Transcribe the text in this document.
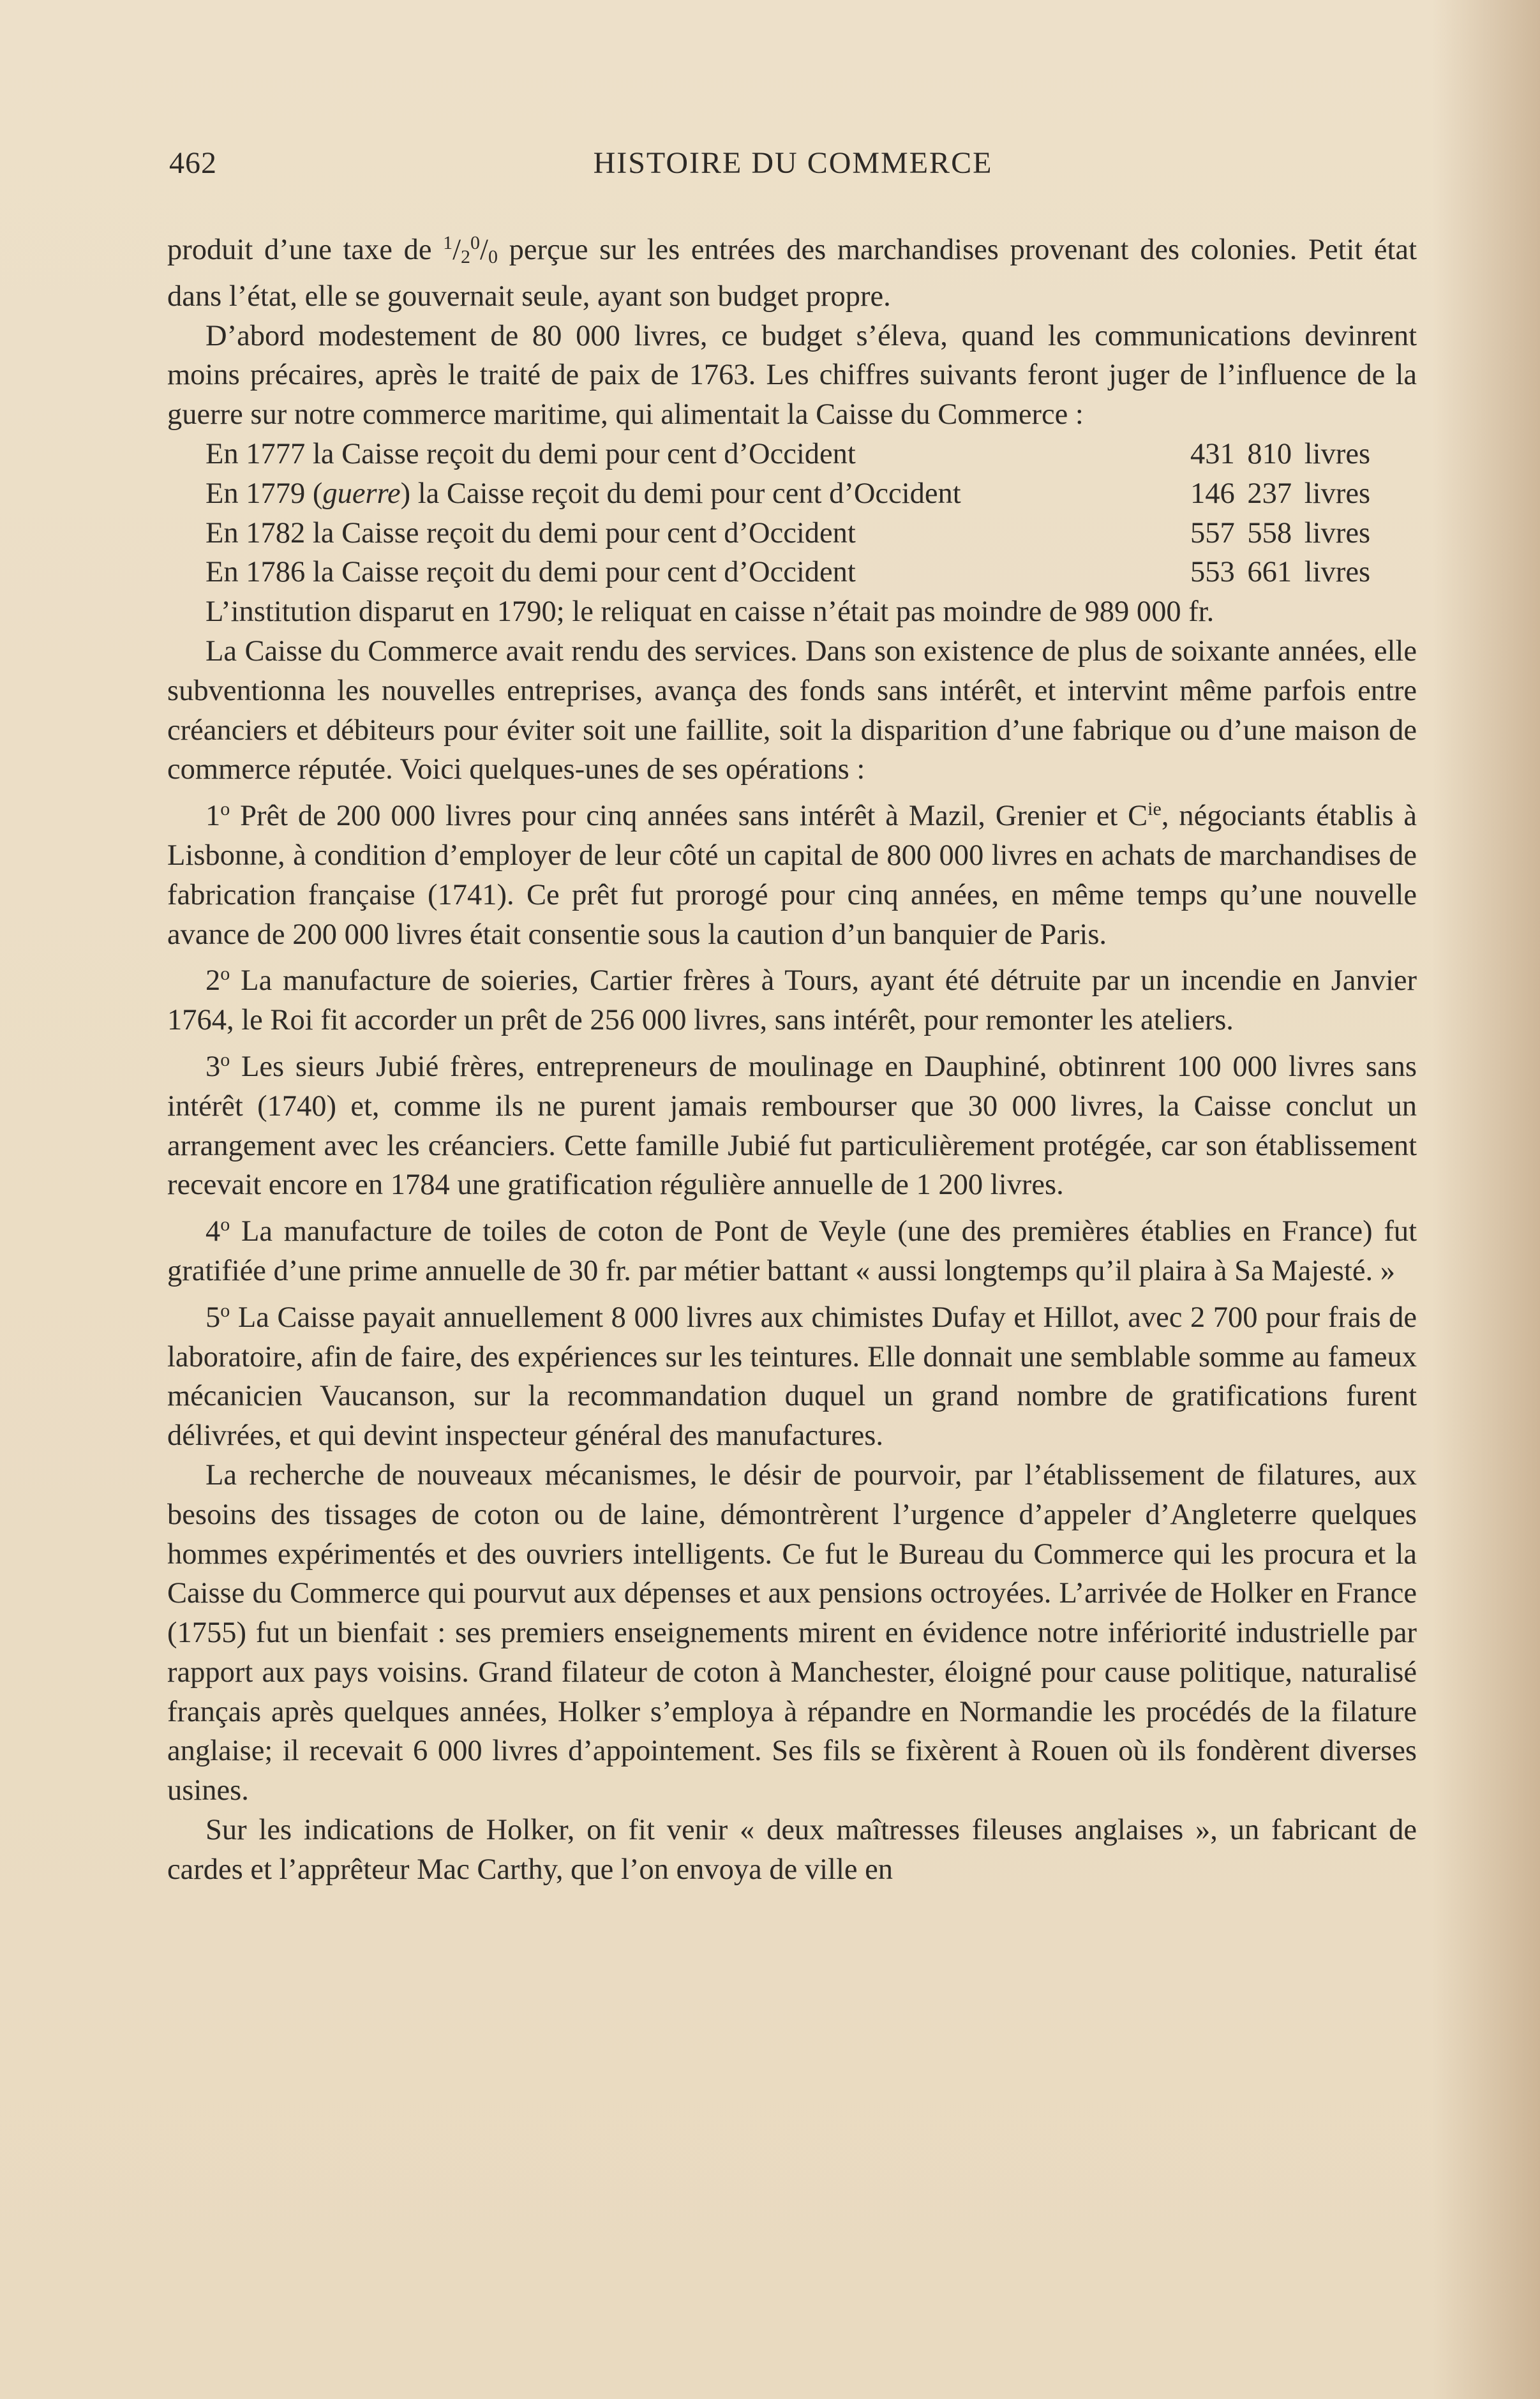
462	HISTOIRE DU COMMERCE

produit d’une taxe de $^1/_2^0/_0$ perçue sur les entrées des marchandises provenant des colonies. Petit état dans l’état, elle se gouvernait seule, ayant son budget propre.

D’abord modestement de 80 000 livres, ce budget s’éleva, quand les communications devinrent moins précaires, après le traité de paix de 1763. Les chiffres suivants feront juger de l’influence de la guerre sur notre commerce maritime, qui alimentait la Caisse du Commerce :

En 1777 la Caisse reçoit du demi pour cent d’Occident	431 810 livres
En 1779 (guerre) la Caisse reçoit du demi pour cent d’Occident	146 237 livres
En 1782 la Caisse reçoit du demi pour cent d’Occident	557 558 livres
En 1786 la Caisse reçoit du demi pour cent d’Occident	553 661 livres

L’institution disparut en 1790; le reliquat en caisse n’était pas moindre de 989 000 fr.

La Caisse du Commerce avait rendu des services. Dans son existence de plus de soixante années, elle subventionna les nouvelles entreprises, avança des fonds sans intérêt, et intervint même parfois entre créanciers et débiteurs pour éviter soit une faillite, soit la disparition d’une fabrique ou d’une maison de commerce réputée. Voici quelques-unes de ses opérations :

1$^o$ Prêt de 200 000 livres pour cinq années sans intérêt à Mazil, Grenier et $C^{ie}$, négociants établis à Lisbonne, à condition d’employer de leur côté un capital de 800 000 livres en achats de marchandises de fabrication française (1741). Ce prêt fut prorogé pour cinq années, en même temps qu’une nouvelle avance de 200 000 livres était consentie sous la caution d’un banquier de Paris.

2$^o$ La manufacture de soieries, Cartier frères à Tours, ayant été détruite par un incendie en Janvier 1764, le Roi fit accorder un prêt de 256 000 livres, sans intérêt, pour remonter les ateliers.

3$^o$ Les sieurs Jubié frères, entrepreneurs de moulinage en Dauphiné, obtinrent 100 000 livres sans intérêt (1740) et, comme ils ne purent jamais rembourser que 30 000 livres, la Caisse conclut un arrangement avec les créanciers. Cette famille Jubié fut particulièrement protégée, car son établissement recevait encore en 1784 une gratification régulière annuelle de 1 200 livres.

4$^o$ La manufacture de toiles de coton de Pont de Veyle (une des premières établies en France) fut gratifiée d’une prime annuelle de 30 fr. par métier battant « aussi longtemps qu’il plaira à Sa Majesté. »

5$^o$ La Caisse payait annuellement 8 000 livres aux chimistes Dufay et Hillot, avec 2 700 pour frais de laboratoire, afin de faire, des expériences sur les teintures. Elle donnait une semblable somme au fameux mécanicien Vaucanson, sur la recommandation duquel un grand nombre de gratifications furent délivrées, et qui devint inspecteur général des manufactures.

La recherche de nouveaux mécanismes, le désir de pourvoir, par l’établissement de filatures, aux besoins des tissages de coton ou de laine, démontrèrent l’urgence d’appeler d’Angleterre quelques hommes expérimentés et des ouvriers intelligents. Ce fut le Bureau du Commerce qui les procura et la Caisse du Commerce qui pourvut aux dépenses et aux pensions octroyées. L’arrivée de Holker en France (1755) fut un bienfait : ses premiers enseignements mirent en évidence notre infériorité industrielle par rapport aux pays voisins. Grand filateur de coton à Manchester, éloigné pour cause politique, naturalisé français après quelques années, Holker s’employa à répandre en Normandie les procédés de la filature anglaise; il recevait 6 000 livres d’appointement. Ses fils se fixèrent à Rouen où ils fondèrent diverses usines.

Sur les indications de Holker, on fit venir « deux maîtresses fileuses anglaises », un fabricant de cardes et l’apprêteur Mac Carthy, que l’on envoya de ville en
